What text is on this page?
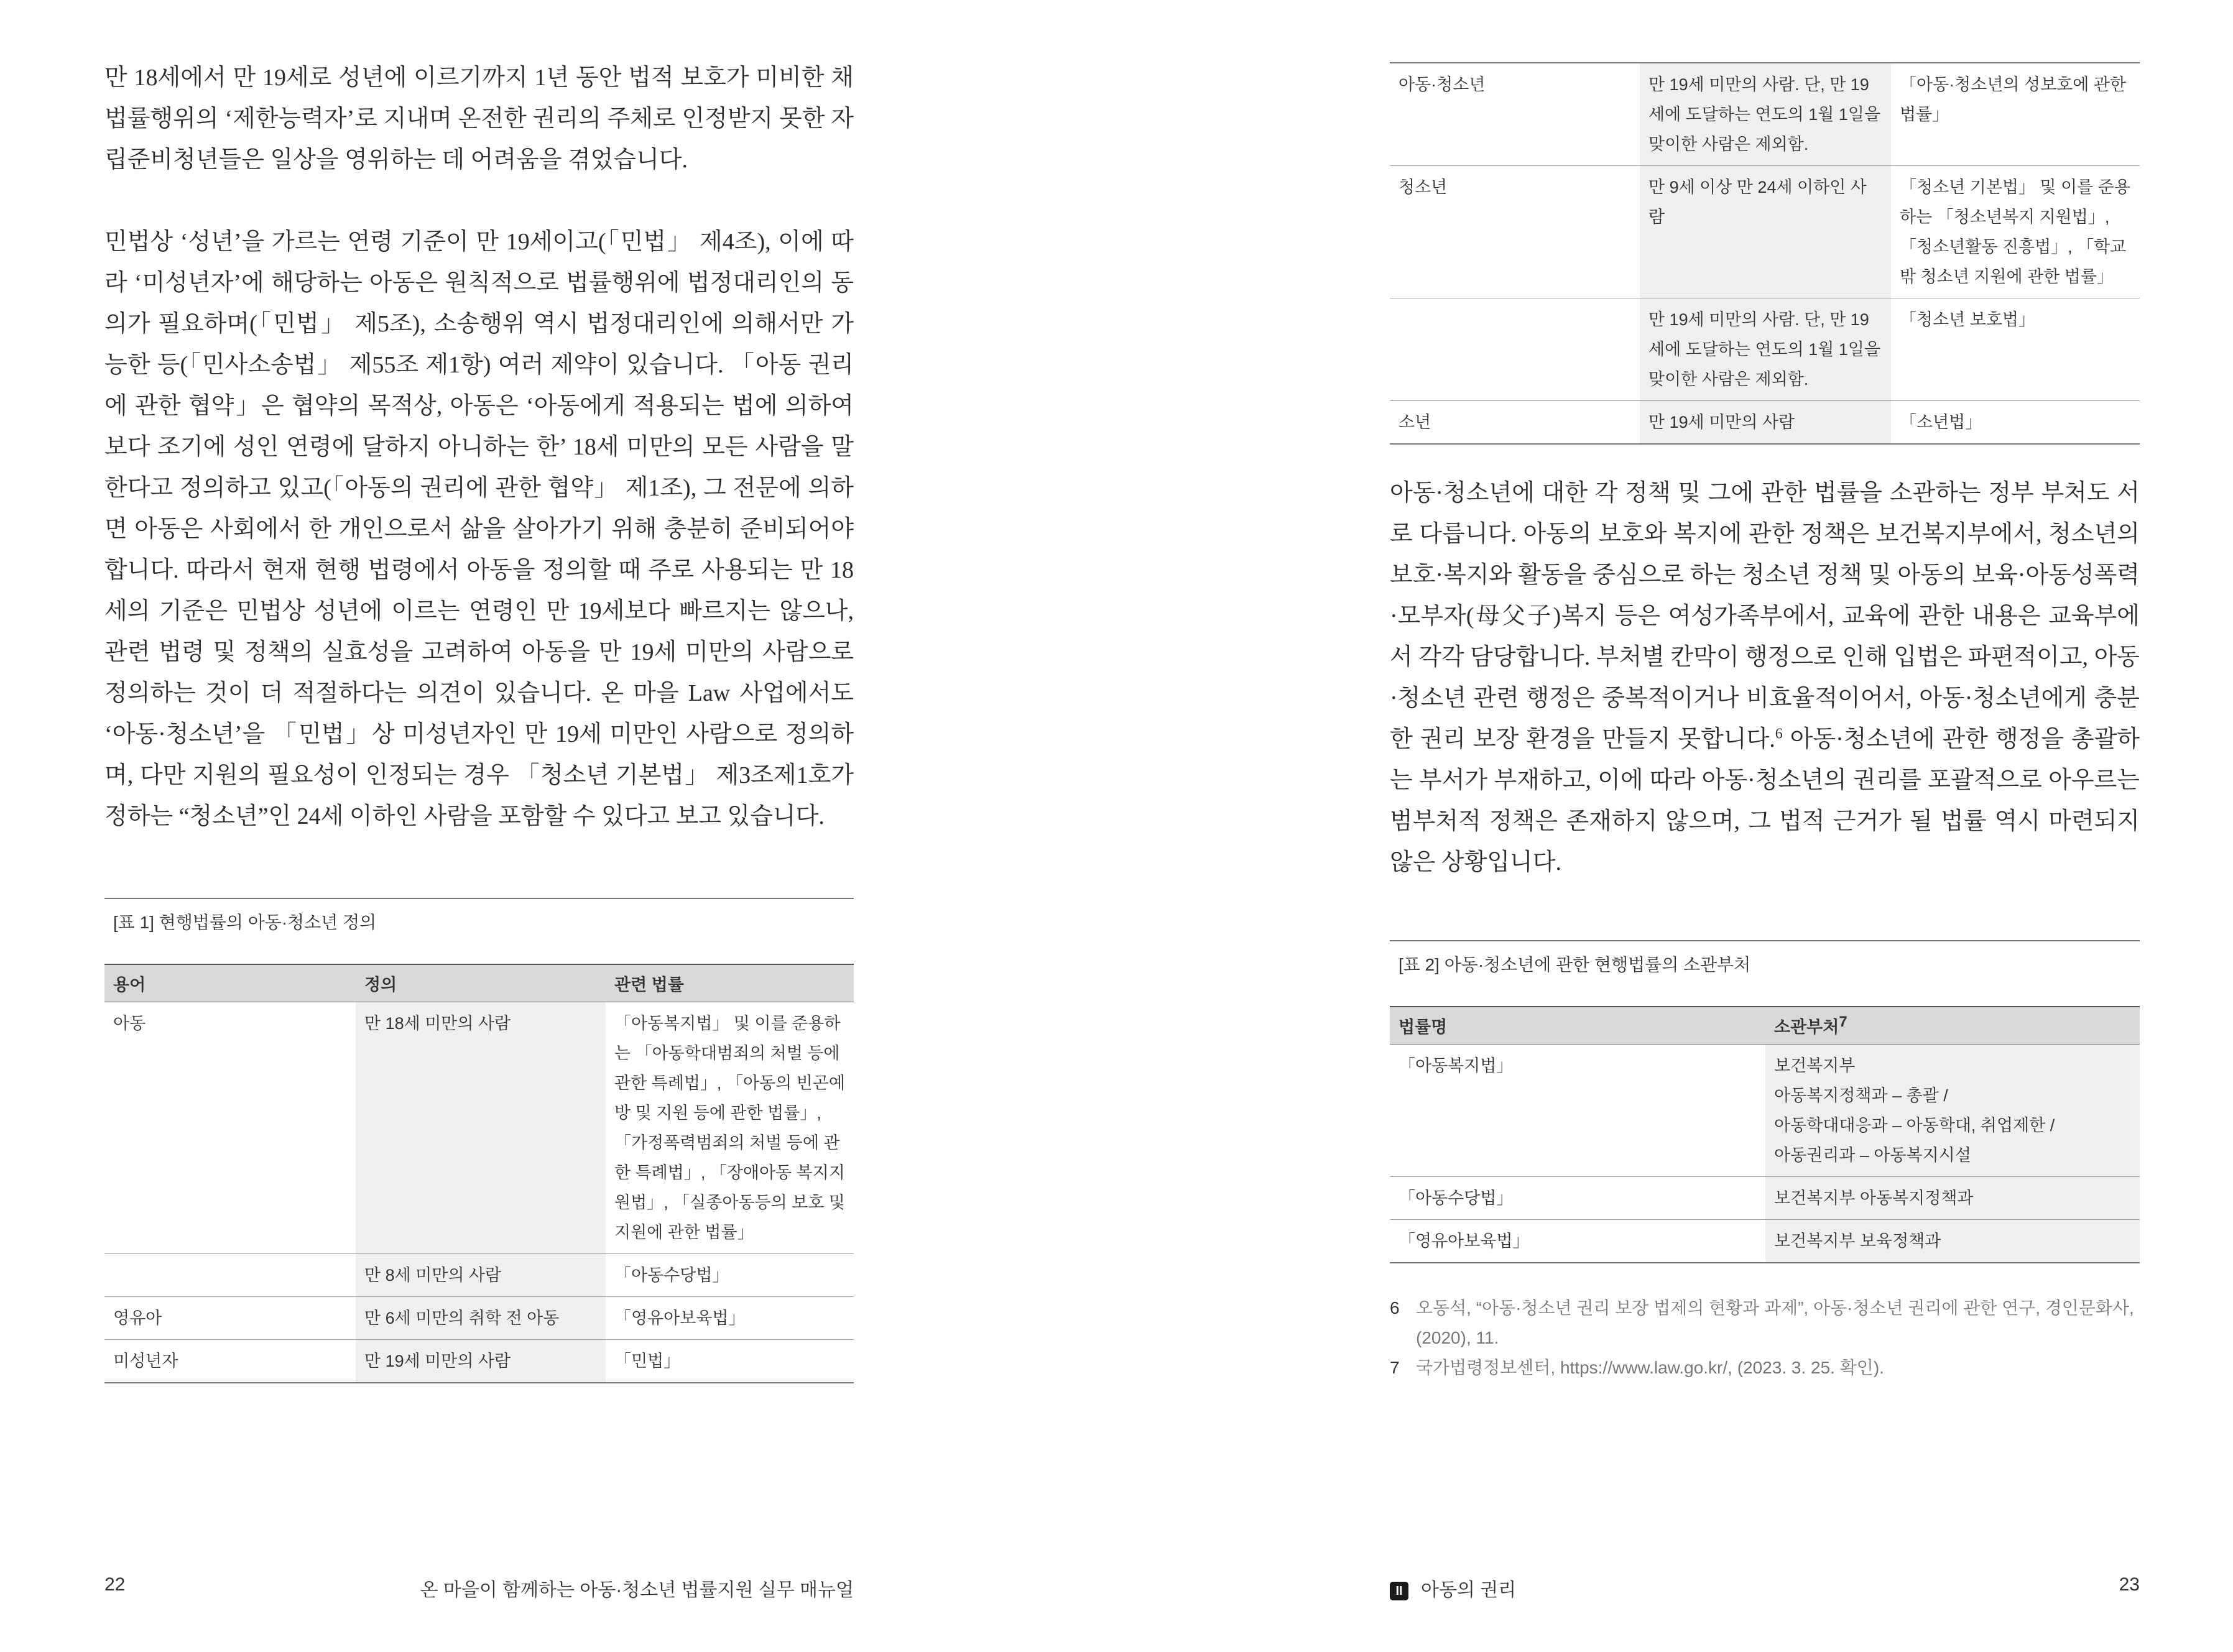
만 18세에서 만 19세로 성년에 이르기까지 1년 동안 법적 보호가 미비한 채 법률행위의 ‘제한능력자’로 지내며 온전한 권리의 주체로 인정받지 못한 자립준비청년들은 일상을 영위하는 데 어려움을 겪었습니다.

민법상 ‘성년’을 가르는 연령 기준이 만 19세이고(「민법」 제4조), 이에 따라 ‘미성년자’에 해당하는 아동은 원칙적으로 법률행위에 법정대리인의 동의가 필요하며(「민법」 제5조), 소송행위 역시 법정대리인에 의해서만 가능한 등(「민사소송법」 제55조 제1항) 여러 제약이 있습니다. 「아동 권리에 관한 협약」은 협약의 목적상, 아동은 ‘아동에게 적용되는 법에 의하여 보다 조기에 성인 연령에 달하지 아니하는 한’ 18세 미만의 모든 사람을 말한다고 정의하고 있고(「아동의 권리에 관한 협약」 제1조), 그 전문에 의하면 아동은 사회에서 한 개인으로서 삶을 살아가기 위해 충분히 준비되어야 합니다. 따라서 현재 현행 법령에서 아동을 정의할 때 주로 사용되는 만 18세의 기준은 민법상 성년에 이르는 연령인 만 19세보다 빠르지는 않으나, 관련 법령 및 정책의 실효성을 고려하여 아동을 만 19세 미만의 사람으로 정의하는 것이 더 적절하다는 의견이 있습니다. 온 마을 Law 사업에서도 ‘아동·청소년’을 「민법」상 미성년자인 만 19세 미만인 사람으로 정의하며, 다만 지원의 필요성이 인정되는 경우 「청소년 기본법」 제3조제1호가 정하는 “청소년”인 24세 이하인 사람을 포함할 수 있다고 보고 있습니다.

[표 1] 현행법률의 아동·청소년 정의
용어	정의	관련 법률
아동	만 18세 미만의 사람	「아동복지법」 및 이를 준용하는 「아동학대범죄의 처벌 등에 관한 특례법」, 「아동의 빈곤예방 및 지원 등에 관한 법률」, 「가정폭력범죄의 처벌 등에 관한 특례법」, 「장애아동 복지지원법」, 「실종아동등의 보호 및 지원에 관한 법률」
	만 8세 미만의 사람	「아동수당법」
영유아	만 6세 미만의 취학 전 아동	「영유아보육법」
미성년자	만 19세 미만의 사람	「민법」
22	온 마을이 함께하는 아동·청소년 법률지원 실무 매뉴얼
아동·청소년	만 19세 미만의 사람. 단, 만 19세에 도달하는 연도의 1월 1일을 맞이한 사람은 제외함.	「아동·청소년의 성보호에 관한 법률」
청소년	만 9세 이상 만 24세 이하인 사람	「청소년 기본법」 및 이를 준용하는 「청소년복지 지원법」, 「청소년활동 진흥법」, 「학교 밖 청소년 지원에 관한 법률」
	만 19세 미만의 사람. 단, 만 19세에 도달하는 연도의 1월 1일을 맞이한 사람은 제외함.	「청소년 보호법」
소년	만 19세 미만의 사람	「소년법」

아동·청소년에 대한 각 정책 및 그에 관한 법률을 소관하는 정부 부처도 서로 다릅니다. 아동의 보호와 복지에 관한 정책은 보건복지부에서, 청소년의 보호·복지와 활동을 중심으로 하는 청소년 정책 및 아동의 보육·아동성폭력·모부자(母父子)복지 등은 여성가족부에서, 교육에 관한 내용은 교육부에서 각각 담당합니다. 부처별 칸막이 행정으로 인해 입법은 파편적이고, 아동·청소년 관련 행정은 중복적이거나 비효율적이어서, 아동·청소년에게 충분한 권리 보장 환경을 만들지 못합니다.$^6$ 아동·청소년에 관한 행정을 총괄하는 부서가 부재하고, 이에 따라 아동·청소년의 권리를 포괄적으로 아우르는 범부처적 정책은 존재하지 않으며, 그 법적 근거가 될 법률 역시 마련되지 않은 상황입니다.

[표 2] 아동·청소년에 관한 현행법률의 소관부처
법률명	소관부처$^7$
「아동복지법」	보건복지부
아동복지정책과 – 총괄 /
아동학대대응과 – 아동학대, 취업제한 /
아동권리과 – 아동복지시설

「아동수당법」	보건복지부 아동복지정책과
「영유아보육법」	보건복지부 보육정책과
6 오동석, “아동·청소년 권리 보장 법제의 현황과 과제”, 아동·청소년 권리에 관한 연구, 경인문화사, (2020), 11.
7 국가법령정보센터, https://www.law.go.kr/, (2023. 3. 25. 확인).
II 아동의 권리	23
